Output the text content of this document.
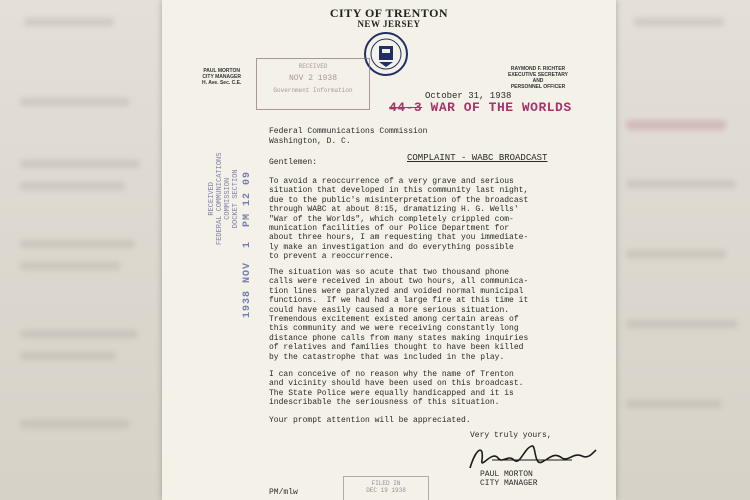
CITY OF TRENTON
NEW JERSEY
PAUL MORTON
CITY MANAGER
H. Ave. Sec. C.E.
RAYMOND F. RICHTER
EXECUTIVE SECRETARY
AND
PERSONNEL OFFICER
RECEIVED
NOV 2 1938
Government Information
October 31, 1938
44-3 WAR OF THE WORLDS
Federal Communications Commission
Washington, D. C.
COMPLAINT - WABC BROADCAST
Gentlemen:
To avoid a reoccurrence of a very grave and serious
situation that developed in this community last night,
due to the public's misinterpretation of the broadcast
through WABC at about 8:15, dramatizing H. G. Wells'
"War of the Worlds", which completely crippled com-
munication facilities of our Police Department for
about three hours, I am requesting that you immediate-
ly make an investigation and do everything possible
to prevent a reoccurrence.
The situation was so acute that two thousand phone
calls were received in about two hours, all communica-
tion lines were paralyzed and voided normal municipal
functions.  If we had had a large fire at this time it
could have easily caused a more serious situation.
Tremendous excitement existed among certain areas of
this community and we were receiving constantly long
distance phone calls from many states making inquiries
of relatives and families thought to have been killed
by the catastrophe that was included in the play.
I can conceive of no reason why the name of Trenton
and vicinity should have been used on this broadcast.
The State Police were equally handicapped and it is
indescribable the seriousness of this situation.
Your prompt attention will be appreciated.
RECEIVED
FEDERAL COMMUNICATIONS
COMMISSION
DOCKET SECTION 1938 NOV  1  PM 12 09
Very truly yours,
PAUL MORTON
CITY MANAGER
PM/mlw
FILED IN
DEC 19 1938
